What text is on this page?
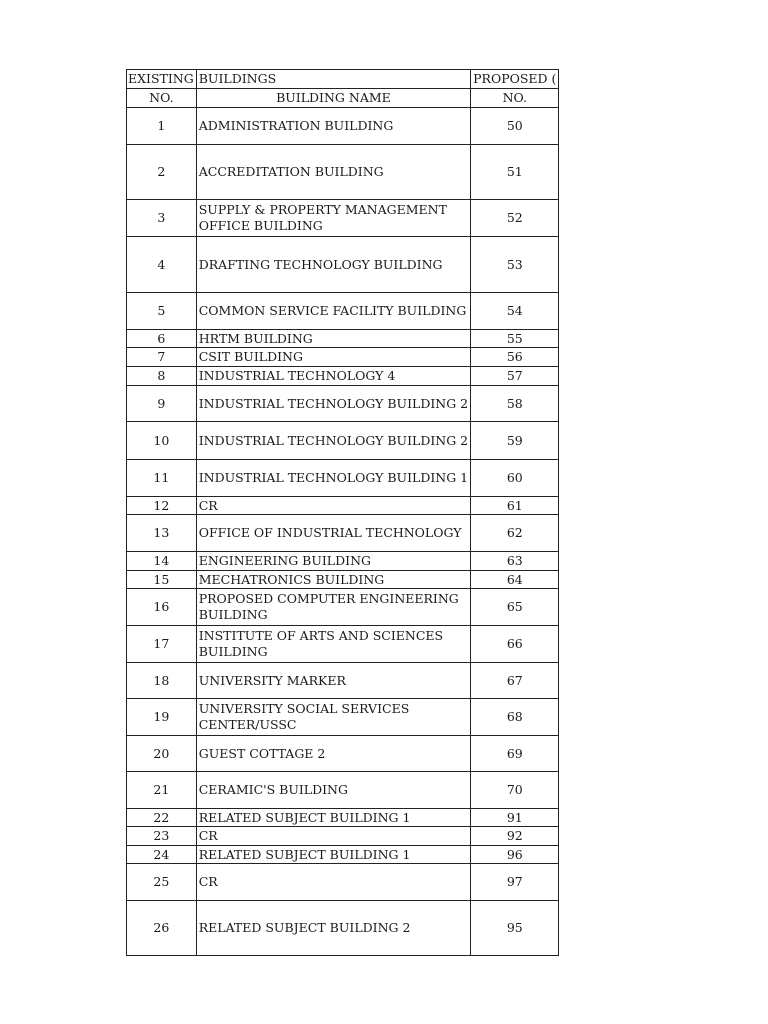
EXISTING	BUILDINGS	PROPOSED (
NO.	BUILDING NAME	NO.
1	ADMINISTRATION BUILDING	50
2	ACCREDITATION BUILDING	51
3	SUPPLY & PROPERTY MANAGEMENT OFFICE BUILDING	52
4	DRAFTING TECHNOLOGY BUILDING	53
5	COMMON SERVICE FACILITY BUILDING	54
6	HRTM BUILDING	55
7	CSIT BUILDING	56
8	INDUSTRIAL TECHNOLOGY 4	57
9	INDUSTRIAL TECHNOLOGY BUILDING 2	58
10	INDUSTRIAL TECHNOLOGY BUILDING 2	59
11	INDUSTRIAL TECHNOLOGY BUILDING 1	60
12	CR	61
13	OFFICE OF INDUSTRIAL TECHNOLOGY	62
14	ENGINEERING BUILDING	63
15	MECHATRONICS BUILDING	64
16	PROPOSED COMPUTER ENGINEERING BUILDING	65
17	INSTITUTE OF ARTS AND SCIENCES BUILDING	66
18	UNIVERSITY MARKER	67
19	UNIVERSITY SOCIAL SERVICES CENTER/USSC	68
20	GUEST COTTAGE 2	69
21	CERAMIC'S BUILDING	70
22	RELATED SUBJECT BUILDING 1	91
23	CR	92
24	RELATED SUBJECT BUILDING 1	96
25	CR	97
26	RELATED SUBJECT BUILDING 2	95
